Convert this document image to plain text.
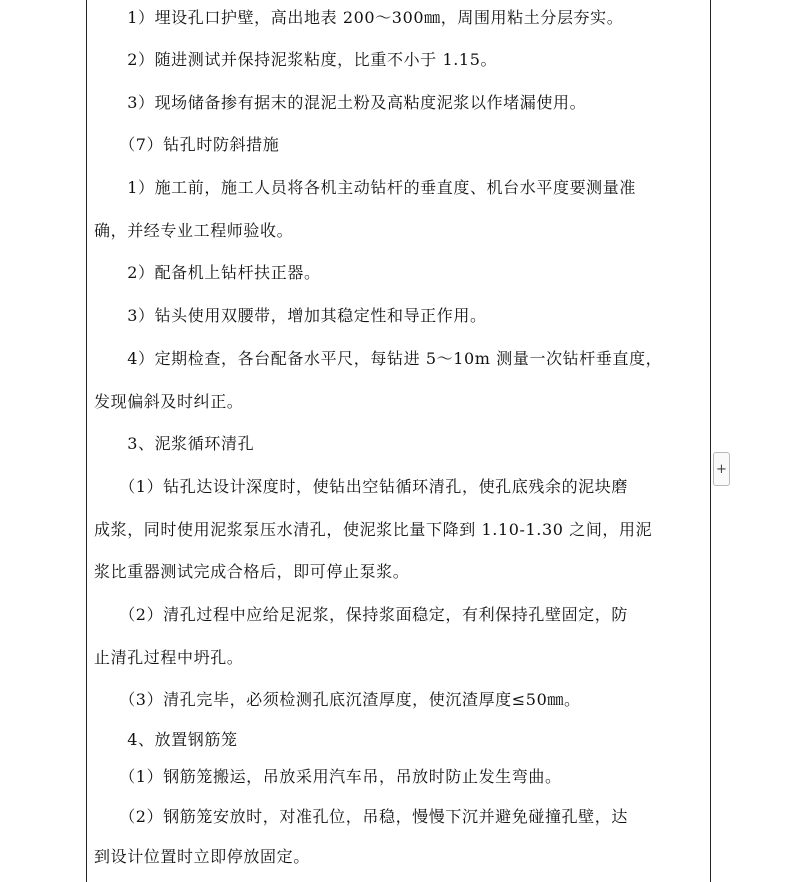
　　1）埋设孔口护壁，高出地表 200～300㎜，周围用粘土分层夯实。
　　2）随进测试并保持泥浆粘度，比重不小于 1.15。
　　3）现场储备掺有据末的混泥土粉及高粘度泥浆以作堵漏使用。
　　（7）钻孔时防斜措施
　　1）施工前，施工人员将各机主动钻杆的垂直度、机台水平度要测量准
确，并经专业工程师验收。
　　2）配备机上钻杆扶正器。
　　3）钻头使用双腰带，增加其稳定性和导正作用。
　　4）定期检查，各台配备水平尺，每钻进 5～10m 测量一次钻杆垂直度，
发现偏斜及时纠正。
　　3、泥浆循环清孔
　　（1）钻孔达设计深度时，使钻出空钻循环清孔，使孔底残余的泥块磨
成浆，同时使用泥浆泵压水清孔，使泥浆比量下降到 1.10-1.30 之间，用泥
浆比重器测试完成合格后，即可停止泵浆。
　　（2）清孔过程中应给足泥浆，保持浆面稳定，有利保持孔壁固定，防
止清孔过程中坍孔。
　　（3）清孔完毕，必须检测孔底沉渣厚度，使沉渣厚度≤50㎜。
　　4、放置钢筋笼
　　（1）钢筋笼搬运，吊放采用汽车吊，吊放时防止发生弯曲。
　　（2）钢筋笼安放时，对准孔位，吊稳，慢慢下沉并避免碰撞孔壁，达
到设计位置时立即停放固定。
+
